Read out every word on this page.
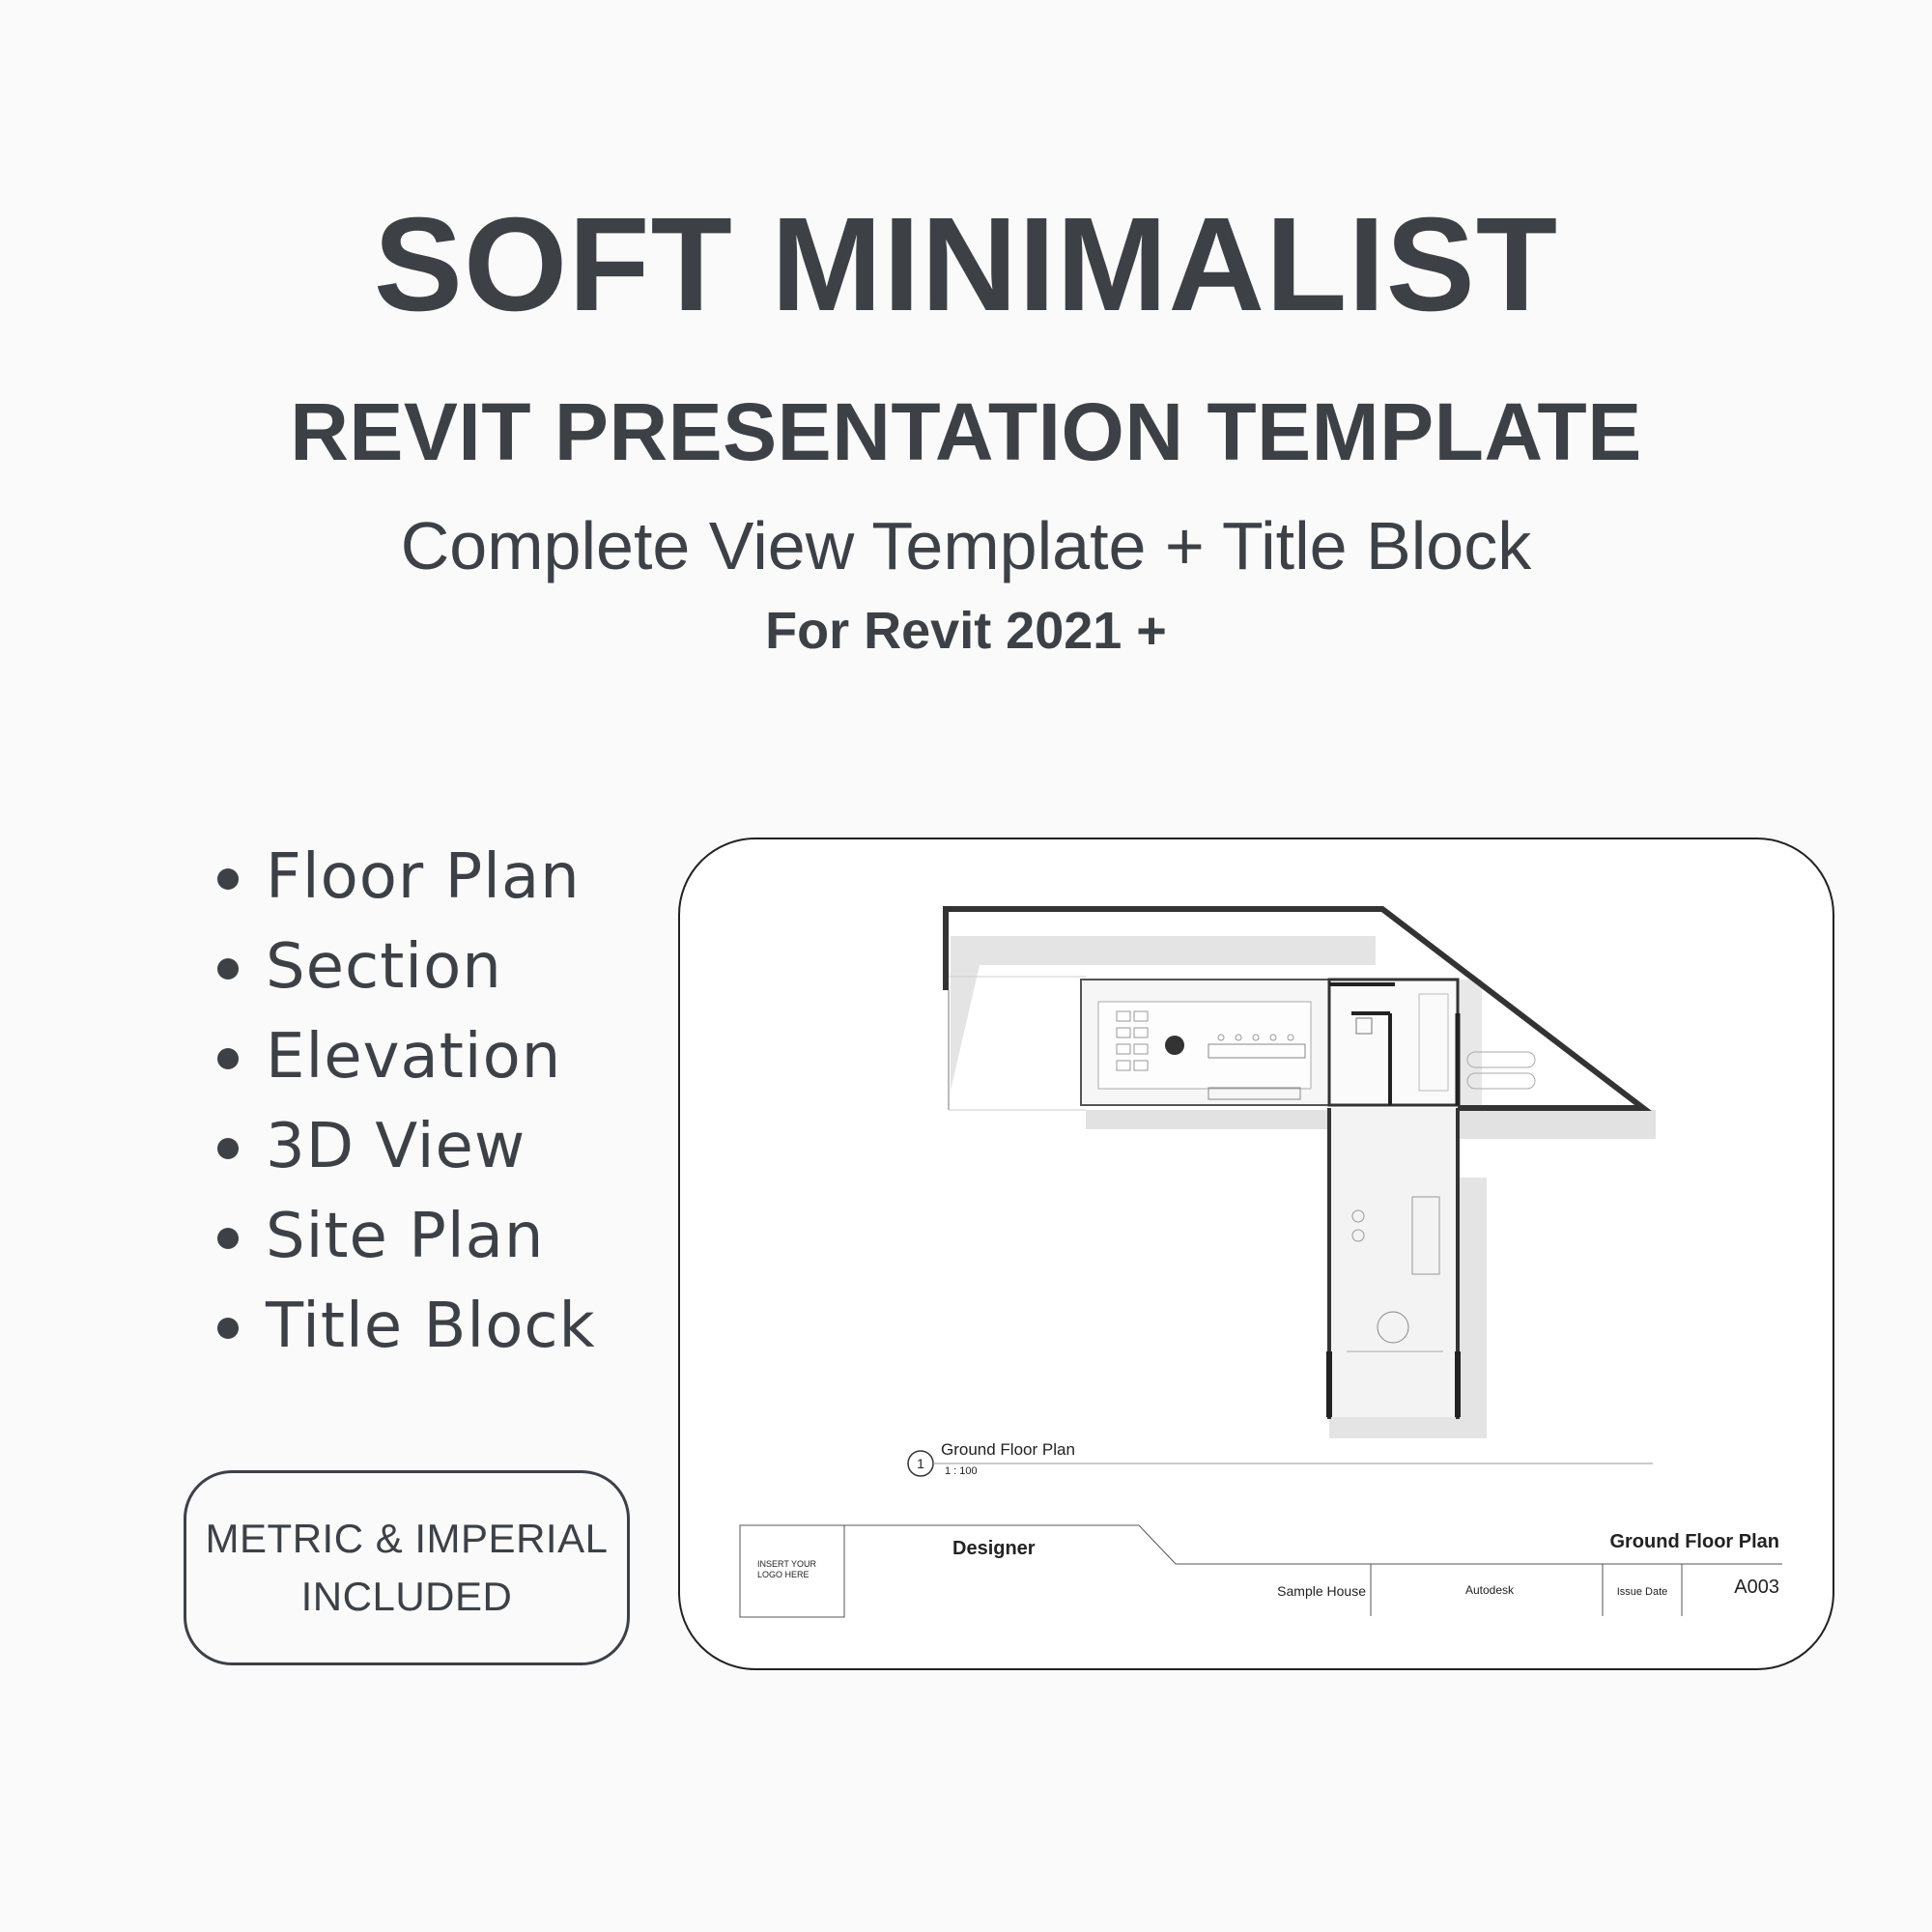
SOFT MINIMALIST
REVIT PRESENTATION TEMPLATE
Complete View Template + Title Block
For Revit 2021 +
Floor Plan
Section
Elevation
3D View
Site Plan
Title Block
METRIC & IMPERIAL
INCLUDED
1
Ground Floor Plan
1 : 100
INSERT YOUR
LOGO HERE
Designer	Ground Floor Plan
Sample House	Autodesk	Issue Date	A003
